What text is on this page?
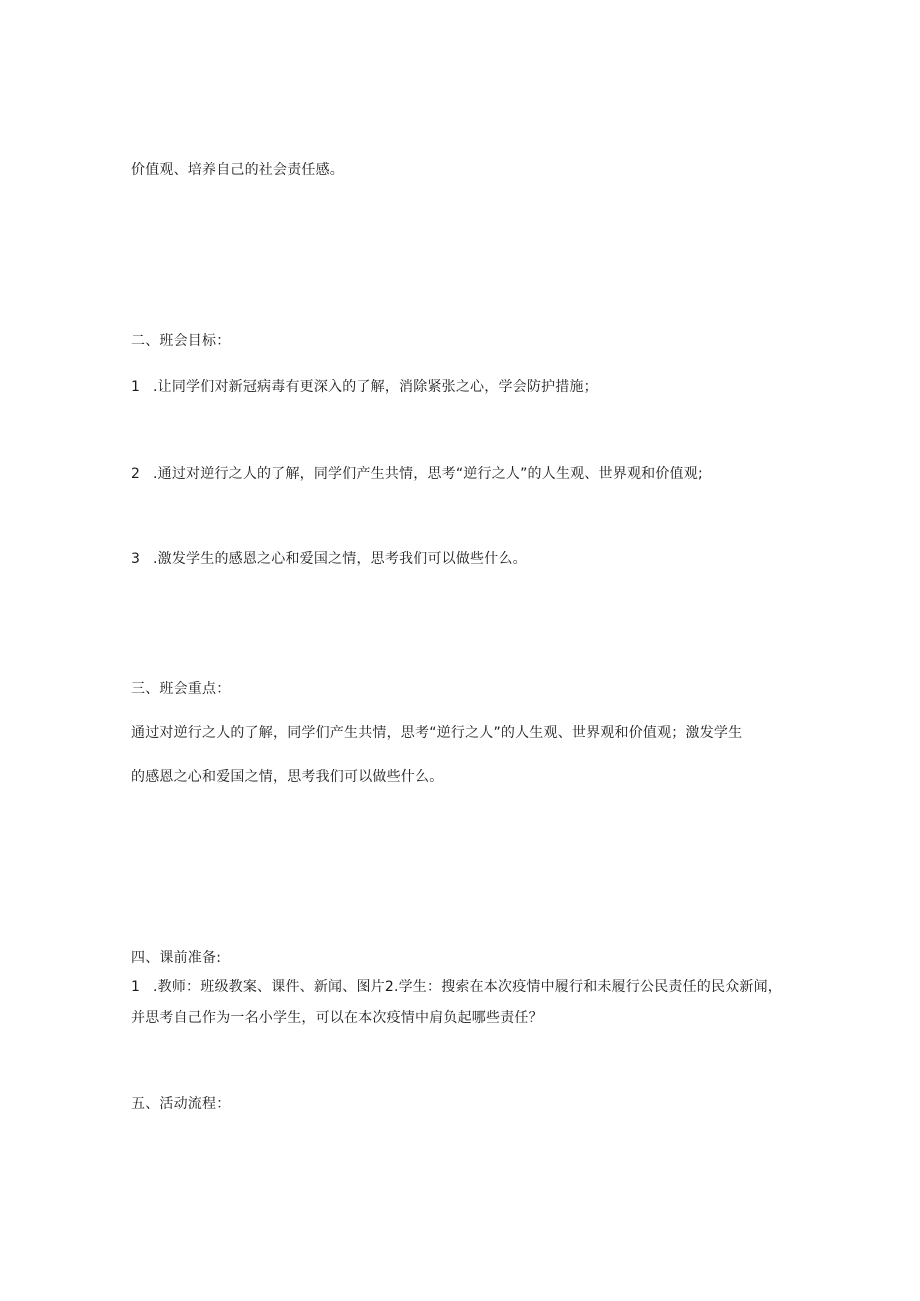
价值观、培养自己的社会责任感。
二、班会目标：
1 .让同学们对新冠病毒有更深入的了解，消除紧张之心，学会防护措施；
2 .通过对逆行之人的了解，同学们产生共情，思考“逆行之人”的人生观、世界观和价值观;
3 .激发学生的感恩之心和爱国之情，思考我们可以做些什么。
三、班会重点：
通过对逆行之人的了解，同学们产生共情，思考“逆行之人”的人生观、世界观和价值观；激发学生
的感恩之心和爱国之情，思考我们可以做些什么。
四、课前准备:
1 .教师：班级教案、课件、新闻、图片2.学生：搜索在本次疫情中履行和未履行公民责任的民众新闻，
并思考自己作为一名小学生，可以在本次疫情中肩负起哪些责任？
五、活动流程：
